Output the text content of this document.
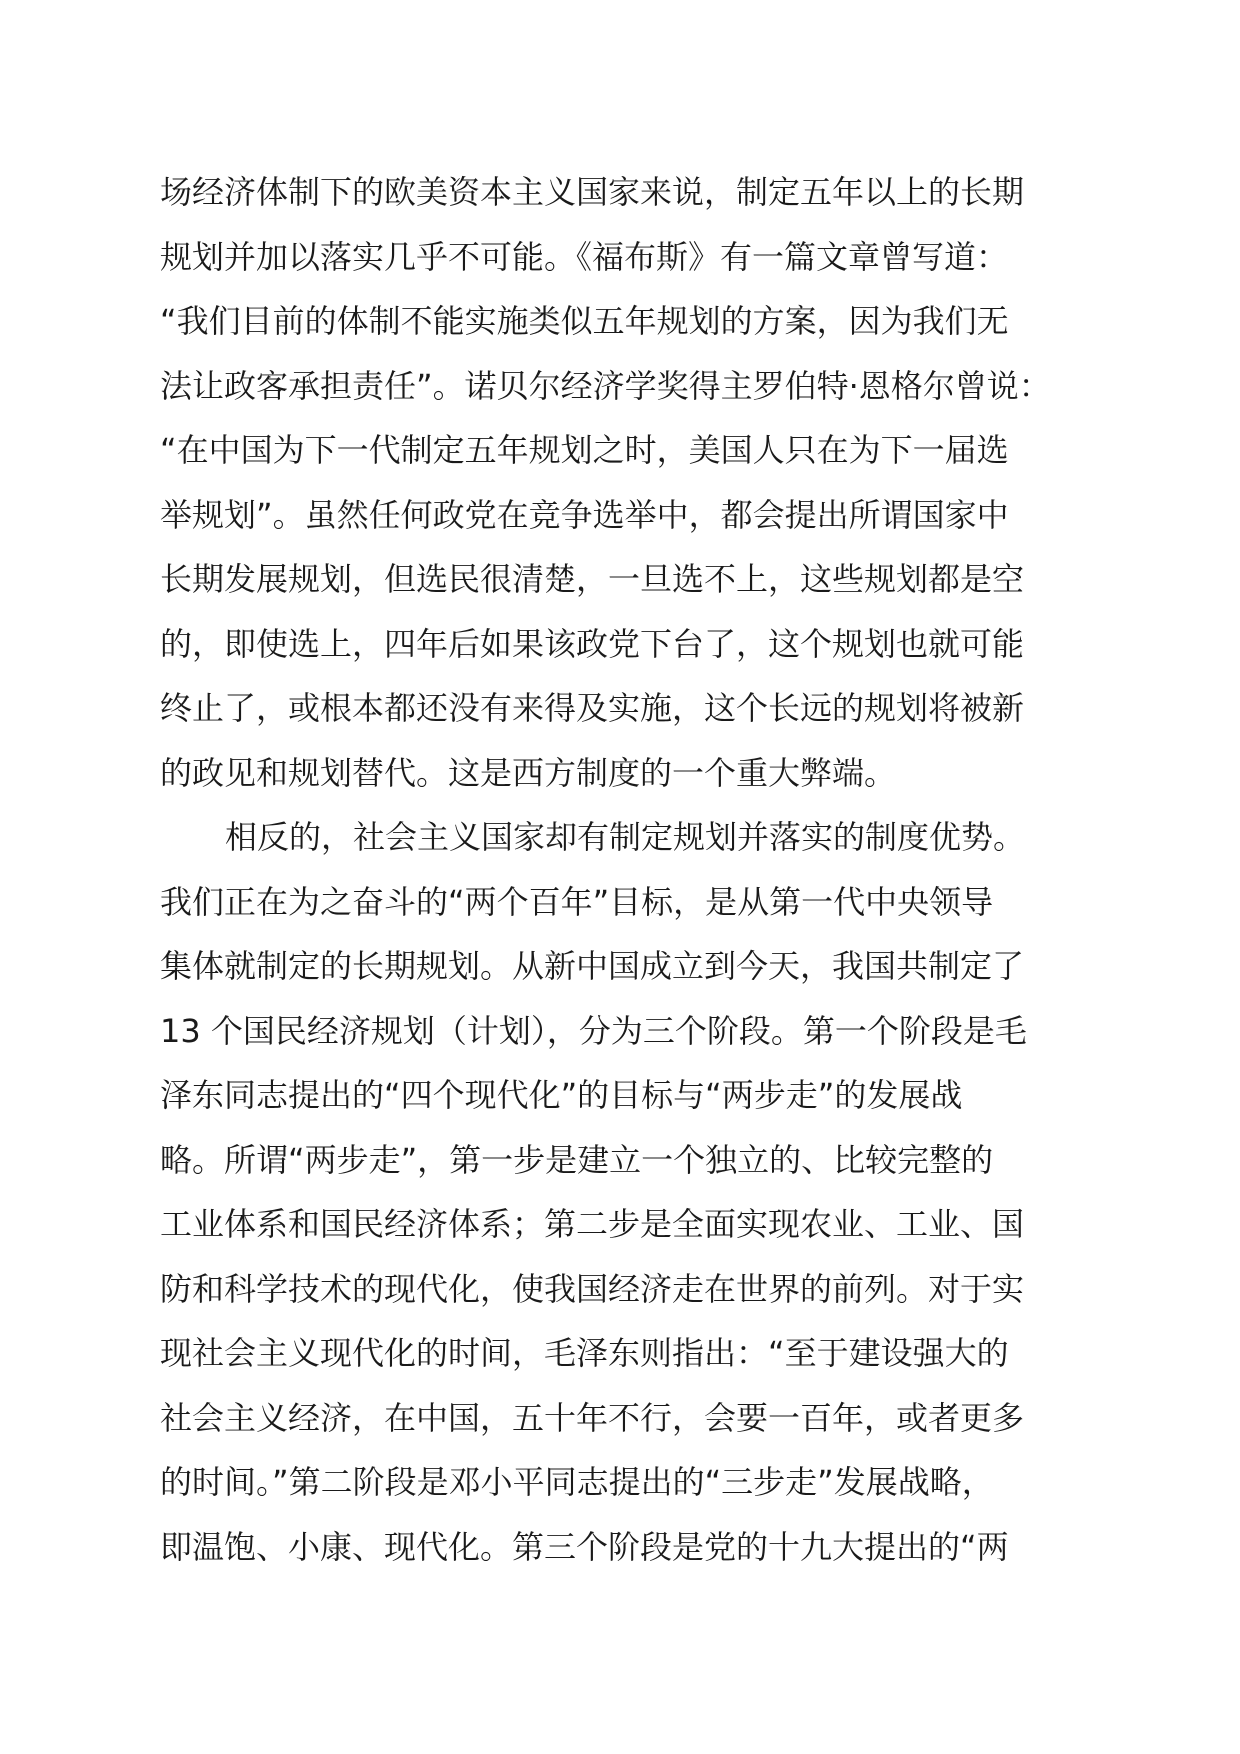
场经济体制下的欧美资本主义国家来说，制定五年以上的长期
规划并加以落实几乎不可能。《福布斯》有一篇文章曾写道：
“我们目前的体制不能实施类似五年规划的方案，因为我们无
法让政客承担责任”。诺贝尔经济学奖得主罗伯特·恩格尔曾说：
“在中国为下一代制定五年规划之时，美国人只在为下一届选
举规划”。虽然任何政党在竞争选举中，都会提出所谓国家中
长期发展规划，但选民很清楚，一旦选不上，这些规划都是空
的，即使选上，四年后如果该政党下台了，这个规划也就可能
终止了，或根本都还没有来得及实施，这个长远的规划将被新
的政见和规划替代。这是西方制度的一个重大弊端。
相反的，社会主义国家却有制定规划并落实的制度优势。
我们正在为之奋斗的“两个百年”目标，是从第一代中央领导
集体就制定的长期规划。从新中国成立到今天，我国共制定了
13 个国民经济规划（计划），分为三个阶段。第一个阶段是毛
泽东同志提出的“四个现代化”的目标与“两步走”的发展战
略。所谓“两步走”，第一步是建立一个独立的、比较完整的
工业体系和国民经济体系；第二步是全面实现农业、工业、国
防和科学技术的现代化，使我国经济走在世界的前列。对于实
现社会主义现代化的时间，毛泽东则指出：“至于建设强大的
社会主义经济，在中国，五十年不行，会要一百年，或者更多
的时间。”第二阶段是邓小平同志提出的“三步走”发展战略，
即温饱、小康、现代化。第三个阶段是党的十九大提出的“两
